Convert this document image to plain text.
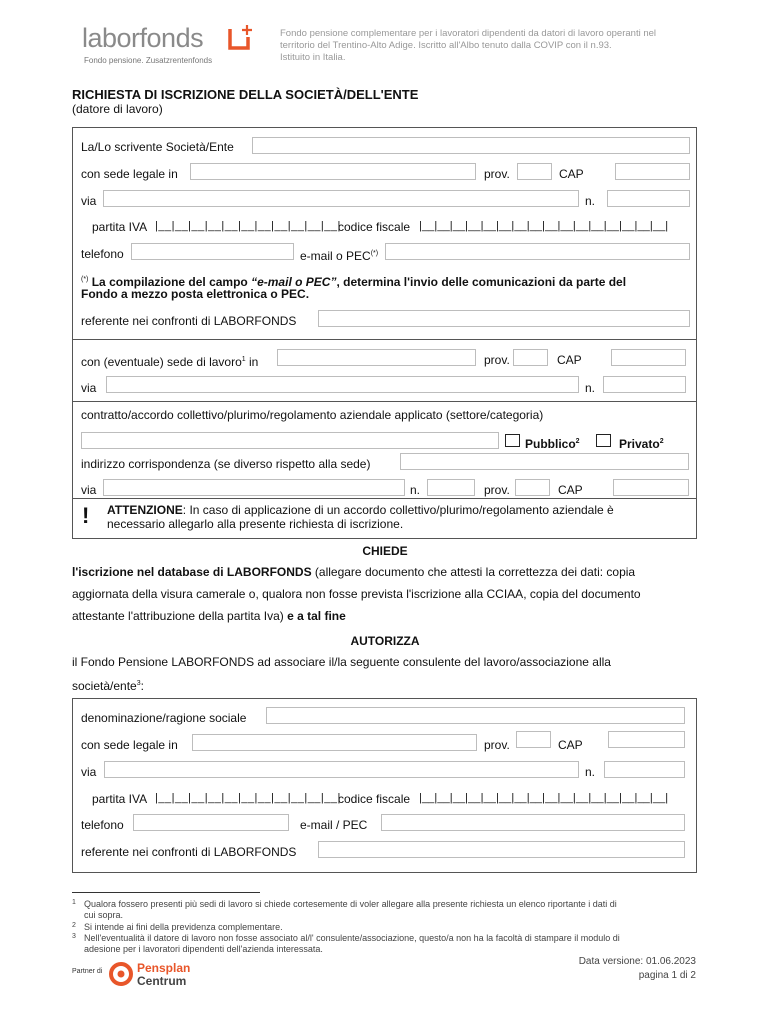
laborfonds
Fondo pensione. Zusatzrentenfonds
Fondo pensione complementare per i lavoratori dipendenti da datori di lavoro operanti nel
territorio del Trentino-Alto Adige. Iscritto all'Albo tenuto dalla COVIP con il n.93.
Istituito in Italia.
RICHIESTA DI ISCRIZIONE DELLA SOCIETÀ/DELL'ENTE
(datore di lavoro)
La/Lo scrivente Società/Ente
con sede legale in	prov.	CAP
via	n.
partita IVA |__|__|__|__|__|__|__|__|__|__|__|
codice fiscale |__|__|__|__|__|__|__|__|__|__|__|__|__|__|__|__|
telefono	e-mail o PEC(*)
(*) La compilazione del campo “e-mail o PEC”, determina l'invio delle comunicazioni da parte del
Fondo a mezzo posta elettronica o PEC.
referente nei confronti di LABORFONDS
con (eventuale) sede di lavoro$^1$ in	prov.	CAP
via	n.
contratto/accordo collettivo/plurimo/regolamento aziendale applicato (settore/categoria)
Pubblico$^2$	Privato$^2$
indirizzo corrispondenza (se diverso rispetto alla sede)
via	n.	prov.	CAP
! ATTENZIONE: In caso di applicazione di un accordo collettivo/plurimo/regolamento aziendale è
necessario allegarlo alla presente richiesta di iscrizione.
CHIEDE
l'iscrizione nel database di LABORFONDS (allegare documento che attesti la correttezza dei dati: copia
aggiornata della visura camerale o, qualora non fosse prevista l'iscrizione alla CCIAA, copia del documento
attestante l'attribuzione della partita Iva) e a tal fine
AUTORIZZA
il Fondo Pensione LABORFONDS ad associare il/la seguente consulente del lavoro/associazione alla
società/ente$^3$:
denominazione/ragione sociale
con sede legale in	prov.	CAP
via	n.
partita IVA |__|__|__|__|__|__|__|__|__|__|__|
codice fiscale |__|__|__|__|__|__|__|__|__|__|__|__|__|__|__|__|
telefono	e-mail / PEC
referente nei confronti di LABORFONDS
1 Qualora fossero presenti più sedi di lavoro si chiede cortesemente di voler allegare alla presente richiesta un elenco riportante i dati di
cui sopra.
2 Si intende ai fini della previdenza complementare.
3 Nell'eventualità il datore di lavoro non fosse associato al/l' consulente/associazione, questo/a non ha la facoltà di stampare il modulo di
adesione per i lavoratori dipendenti dell'azienda interessata.
Partner di	Pensplan
Centrum
Data versione: 01.06.2023
pagina 1 di 2
